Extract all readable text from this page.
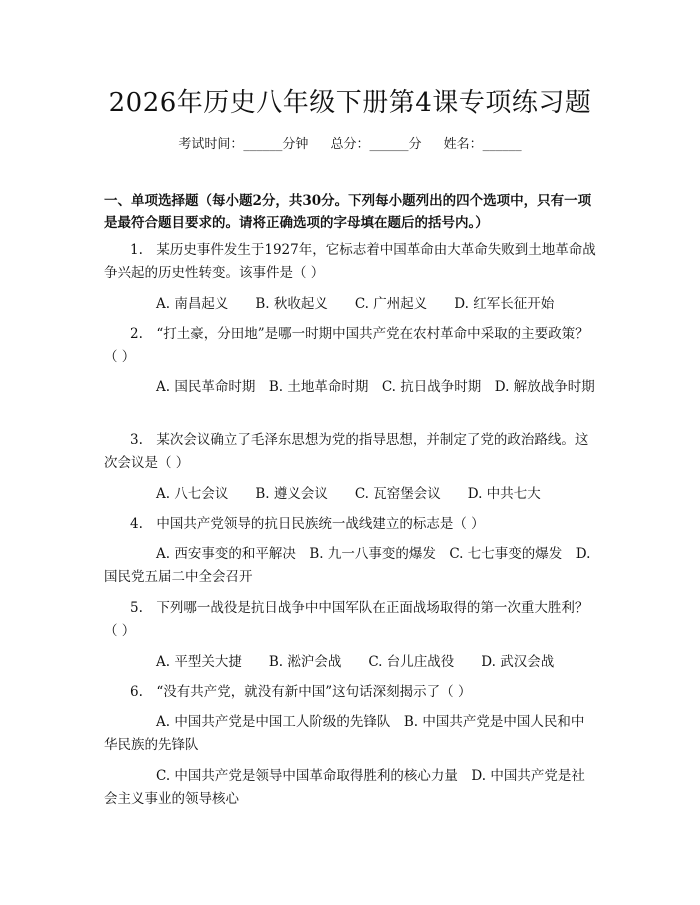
2026年历史八年级下册第4课专项练习题
考试时间：______分钟 总分：______分 姓名：______
一、单项选择题（每小题2分，共30分。下列每小题列出的四个选项中，只有一项是最符合题目要求的。请将正确选项的字母填在题后的括号内。）
1.　某历史事件发生于1927年，它标志着中国革命由大革命失败到土地革命战争兴起的历史性转变。该事件是（ ）
A. 南昌起义　　B. 秋收起义　　C. 广州起义　　D. 红军长征开始
2.　“打土豪，分田地”是哪一时期中国共产党在农村革命中采取的主要政策？（ ）
A. 国民革命时期　B. 土地革命时期　C. 抗日战争时期　D. 解放战争时期
3.　某次会议确立了毛泽东思想为党的指导思想，并制定了党的政治路线。这次会议是（ ）
A. 八七会议　　B. 遵义会议　　C. 瓦窑堡会议　　D. 中共七大
4.　中国共产党领导的抗日民族统一战线建立的标志是（ ）
A. 西安事变的和平解决　B. 九一八事变的爆发　C. 七七事变的爆发　D. 国民党五届二中全会召开
5.　下列哪一战役是抗日战争中中国军队在正面战场取得的第一次重大胜利？（ ）
A. 平型关大捷　　B. 淞沪会战　　C. 台儿庄战役　　D. 武汉会战
6.　“没有共产党，就没有新中国”这句话深刻揭示了（ ）
A. 中国共产党是中国工人阶级的先锋队　B. 中国共产党是中国人民和中华民族的先锋队
C. 中国共产党是领导中国革命取得胜利的核心力量　D. 中国共产党是社会主义事业的领导核心
